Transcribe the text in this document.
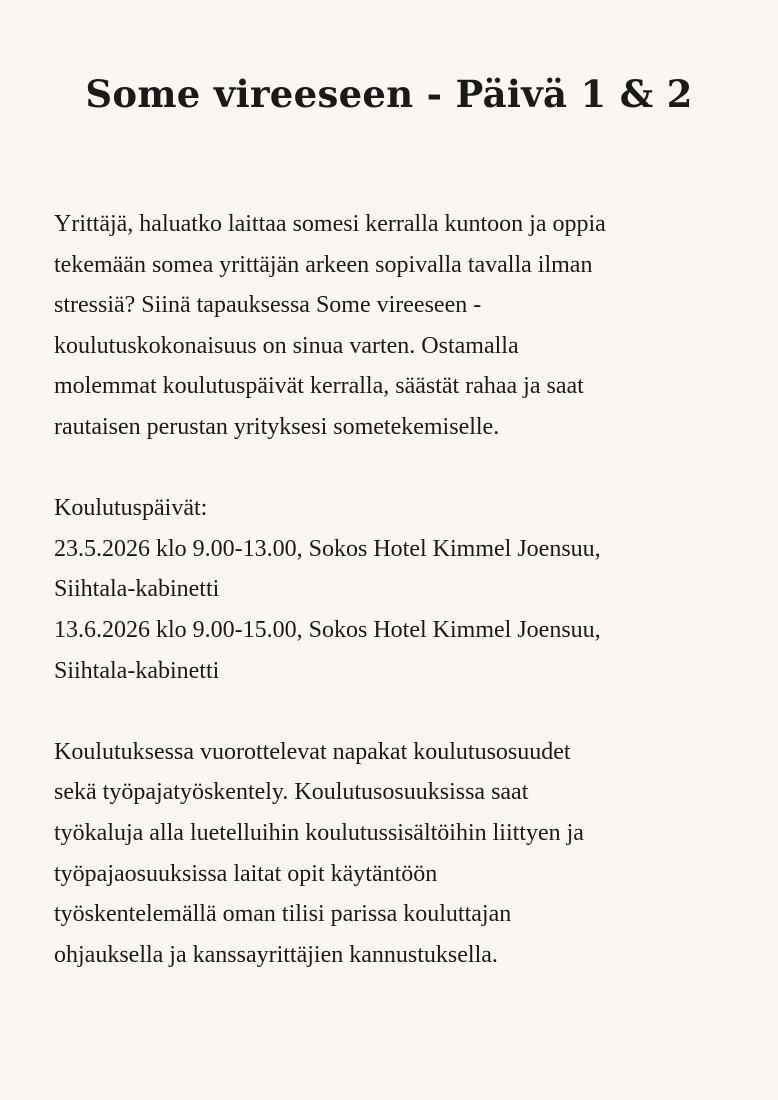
Some vireeseen - Päivä 1 & 2

Yrittäjä, haluatko laittaa somesi kerralla kuntoon ja oppia
tekemään somea yrittäjän arkeen sopivalla tavalla ilman
stressiä? Siinä tapauksessa Some vireeseen -
koulutuskokonaisuus on sinua varten. Ostamalla
molemmat koulutuspäivät kerralla, säästät rahaa ja saat
rautaisen perustan yrityksesi sometekemiselle.

Koulutuspäivät:
23.5.2026 klo 9.00-13.00, Sokos Hotel Kimmel Joensuu,
Siihtala-kabinetti
13.6.2026 klo 9.00-15.00, Sokos Hotel Kimmel Joensuu,
Siihtala-kabinetti

Koulutuksessa vuorottelevat napakat koulutusosuudet
sekä työpajatyöskentely. Koulutusosuuksissa saat
työkaluja alla luetelluihin koulutussisältöihin liittyen ja
työpajaosuuksissa laitat opit käytäntöön
työskentelemällä oman tilisi parissa kouluttajan
ohjauksella ja kanssayrittäjien kannustuksella.
